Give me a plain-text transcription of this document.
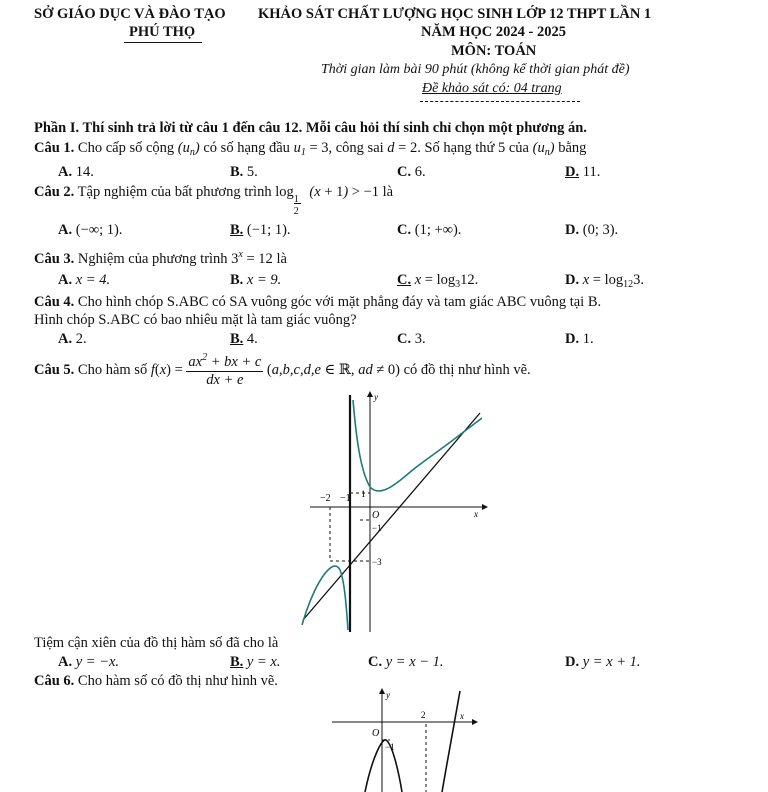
SỞ GIÁO DỤC VÀ ĐÀO TẠO
PHÚ THỌ
KHẢO SÁT CHẤT LƯỢNG HỌC SINH LỚP 12 THPT LẦN 1
NĂM HỌC 2024 - 2025
MÔN: TOÁN
Thời gian làm bài 90 phút (không kể thời gian phát đề)
Đề khảo sát có: 04 trang
Phần I. Thí sinh trả lời từ câu 1 đến câu 12. Mỗi câu hỏi thí sinh chỉ chọn một phương án.
Câu 1. Cho cấp số cộng $(u_n)$ có số hạng đầu $u_1 = 3$, công sai d = 2. Số hạng thứ 5 của $(u_n)$ bằng
A. 14.	B. 5.	C. 6.	D. 11.
Câu 2. Tập nghiệm của bất phương trình log
$\frac{1}{2}$
(x + 1) > −1 là
A. (−∞; 1).	B. (−1; 1).	C. (1; +∞).	D. (0; 3).
Câu 3. Nghiệm của phương trình $3^x = 12$ là
A. x = 4.	B. x = 9.	C. $x = \log_312$.	D. $x = \log_{12}3$.
Câu 4. Cho hình chóp S.ABC có SA vuông góc với mặt phẳng đáy và tam giác ABC vuông tại B.
Hình chóp S.ABC có bao nhiêu mặt là tam giác vuông?
A. 2.	B. 4.	C. 3.	D. 1.
Câu 5. Cho hàm số $f(x) = \frac{ax^2 + bx + c}{dx + e} (a,b,c,d,e$ ∈ ℝ, ad ≠ 0) có đồ thị như hình vẽ.
y
x
O
−2 −1 1
−1
−3
Tiệm cận xiên của đồ thị hàm số đã cho là
A. y = −x.	B. y = x.	C. y = x − 1.	D. y = x + 1.
Câu 6. Cho hàm số có đồ thị như hình vẽ.
y
x
O
2
−1
